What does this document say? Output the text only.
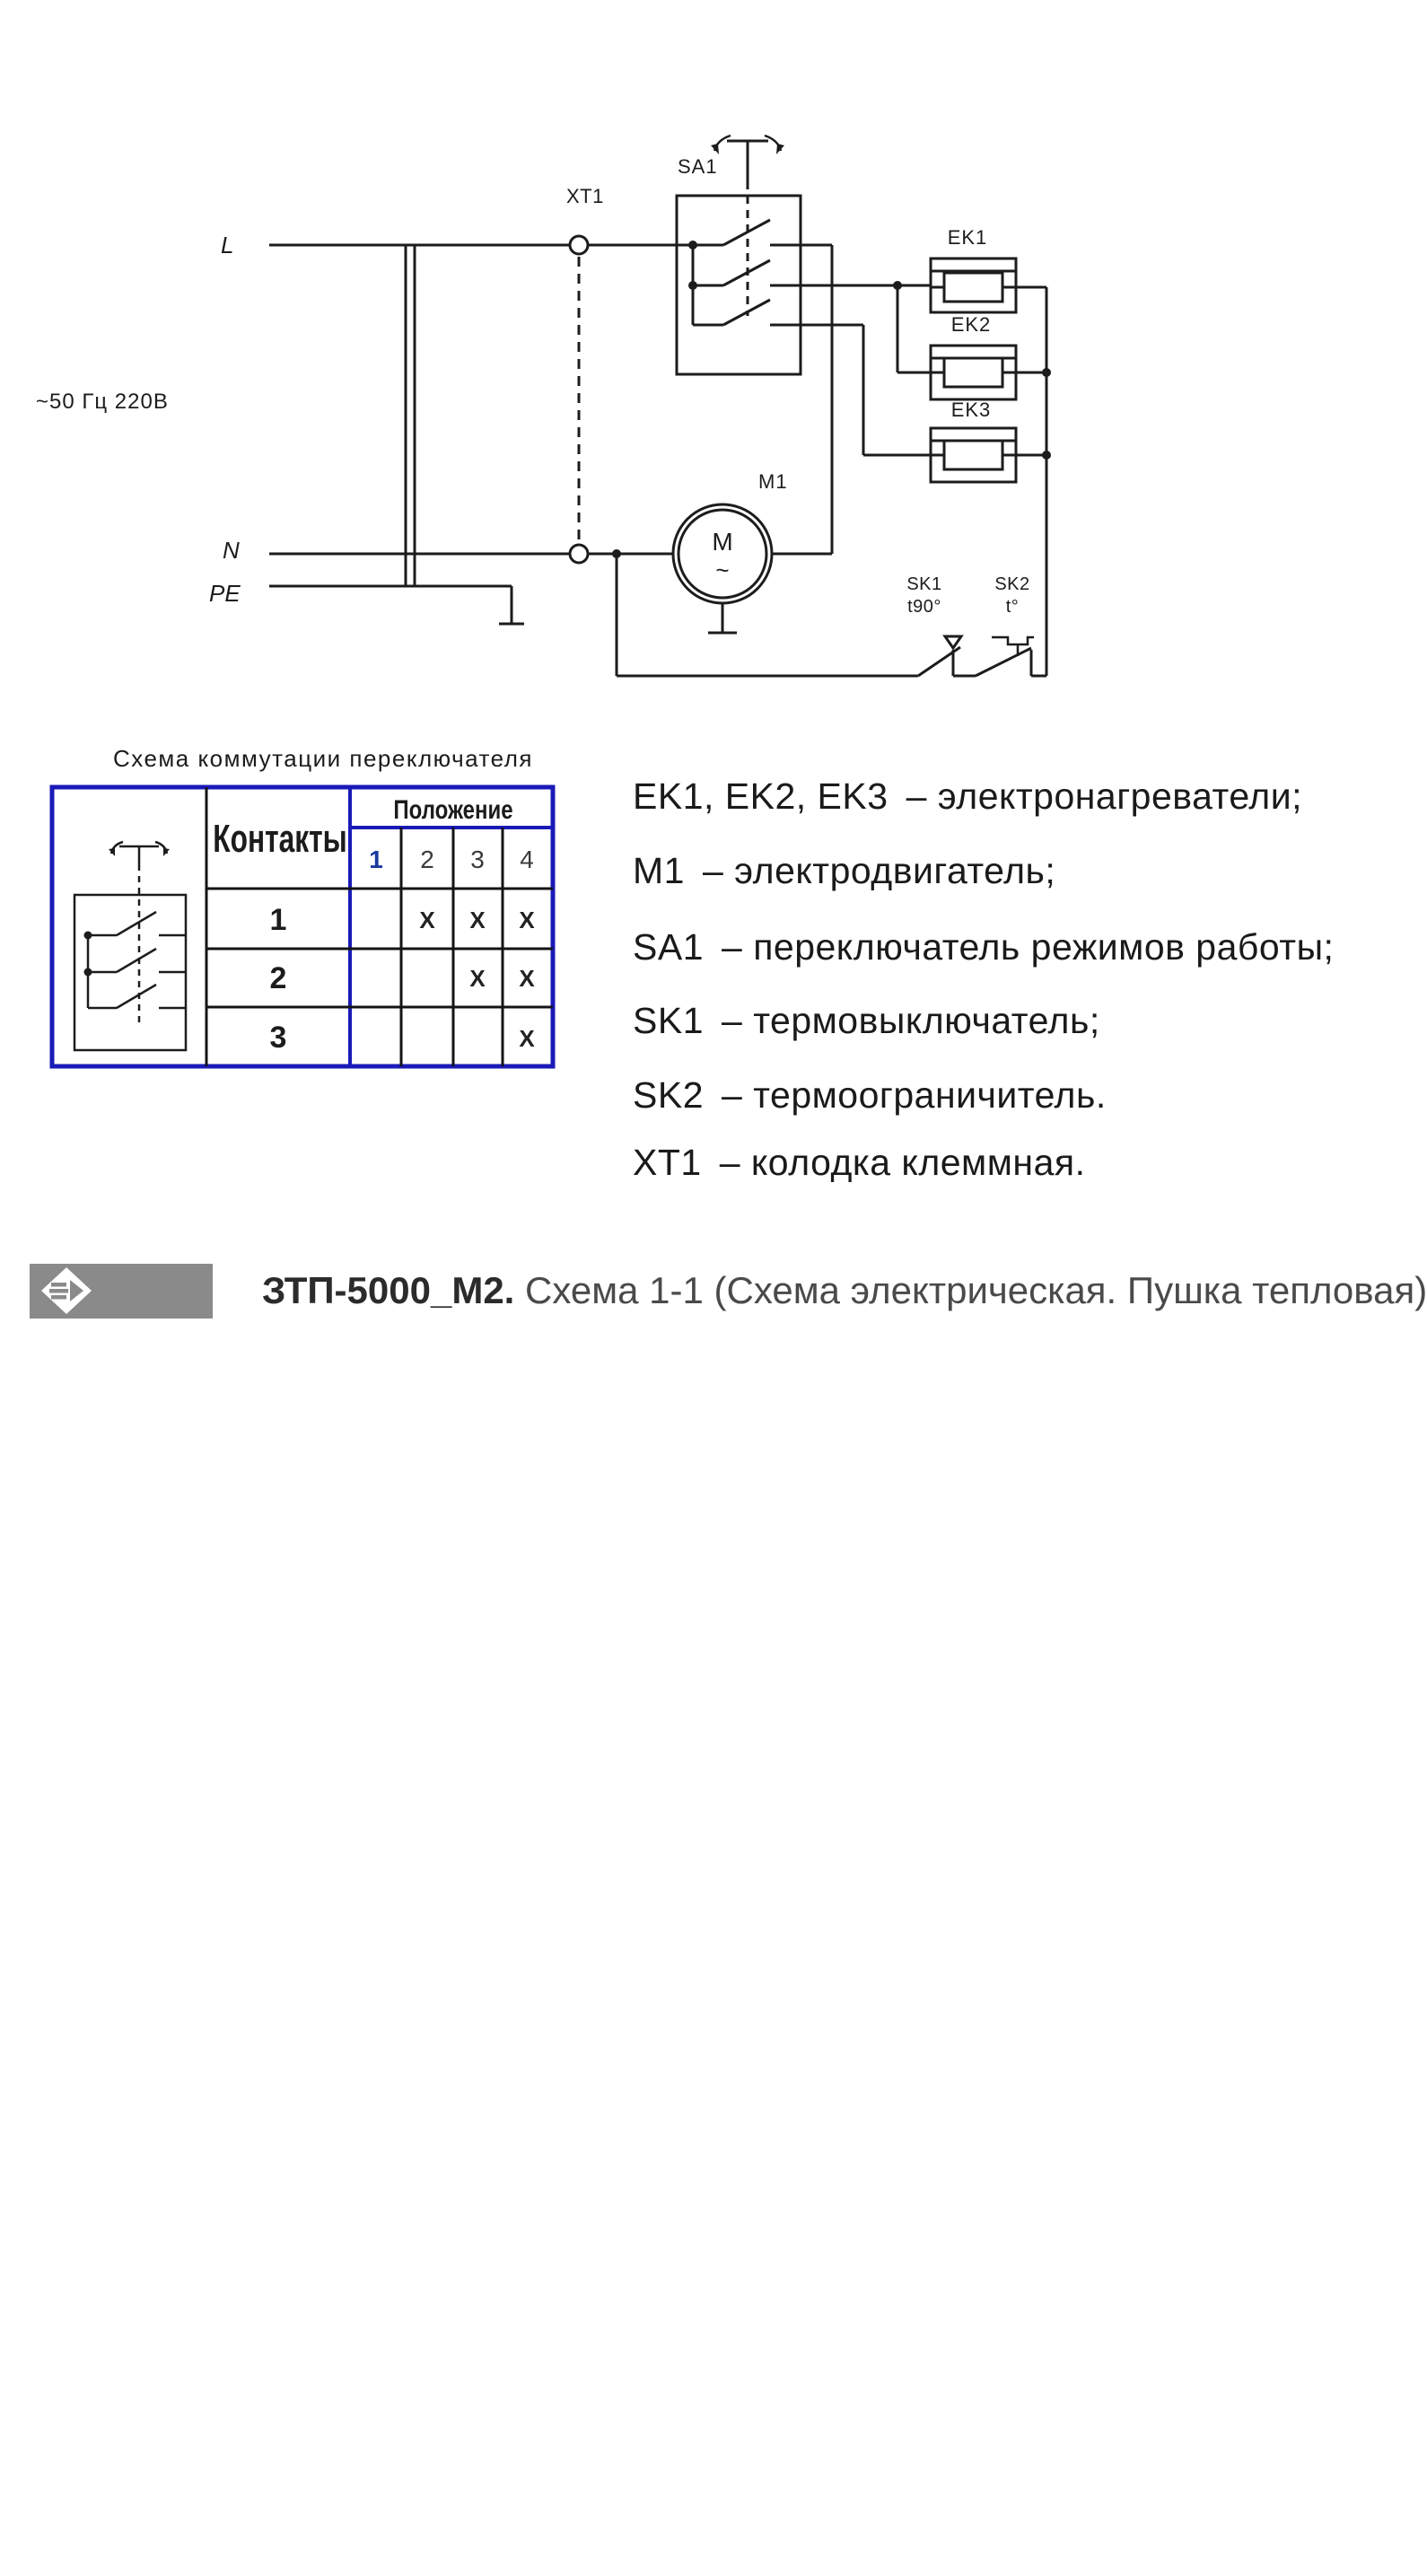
~50 Гц 220В
L
N
PE
XT1
SA1
M1
M
~
EK1
EK2
EK3
SK1
t90°
SK2
t°
Схема коммутации переключателя
Контакты
Положение
1 2 3 4
1
2
3
X X X
X X
X
EK1, EK2, EK3 – электронагреватели;
М1 – электродвигатель;
SA1 – переключатель режимов работы;
SK1 – термовыключатель;
SK2 – термоограничитель.
XT1 – колодка клеммная.
ЗУБР
ЗТП-5000_М2. Схема 1-1 (Схема электрическая. Пушка тепловая)
